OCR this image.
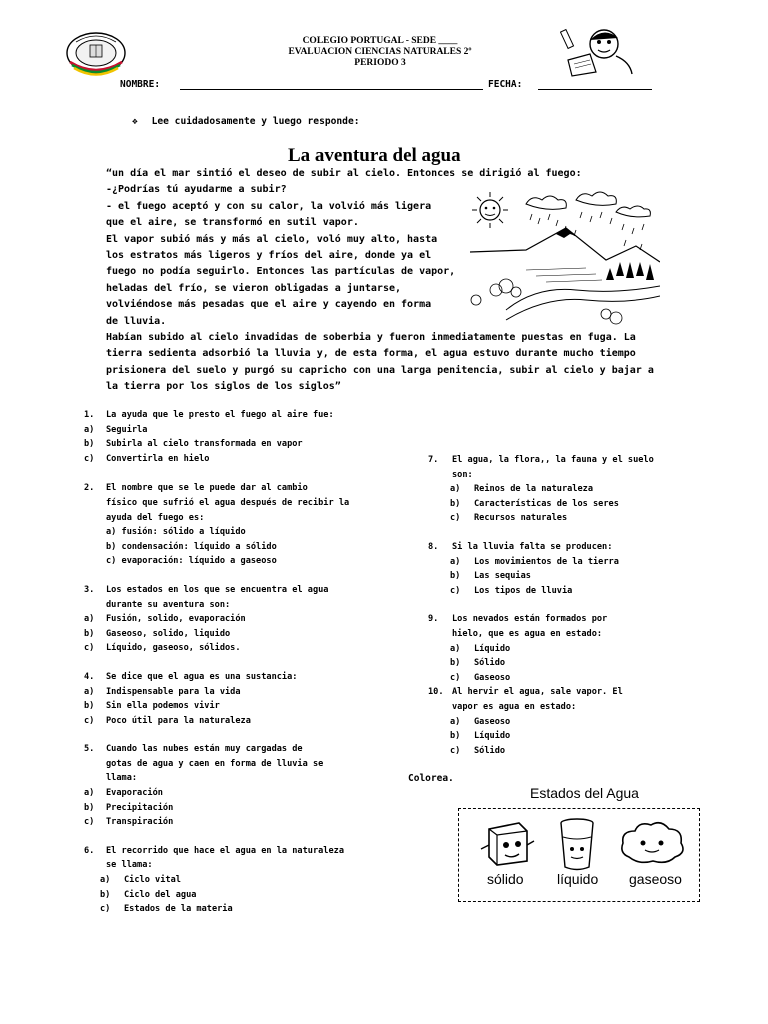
COLEGIO PORTUGAL - SEDE ____
EVALUACION CIENCIAS NATURALES 2º
PERIODO 3
NOMBRE:	FECHA:
❖ Lee cuidadosamente y luego responde:
La aventura del agua
“un día el mar sintió el deseo de subir al cielo. Entonces se dirigió al fuego:
-¿Podrías tú ayudarme a subir?
- el fuego aceptó y con su calor, la volvió más ligera
que el aire, se transformó en sutil vapor.
El vapor subió más y más al cielo, voló muy alto, hasta
los estratos más ligeros y fríos del aire, donde ya el
fuego no podía seguirlo. Entonces las partículas de vapor,
heladas del frío, se vieron obligadas a juntarse,
volviéndose más pesadas que el aire y cayendo en forma
de lluvia.
Habían subido al cielo invadidas de soberbia y fueron inmediatamente puestas en fuga. La
tierra sedienta adsorbió la lluvia y, de esta forma, el agua estuvo durante mucho tiempo
prisionera del suelo y purgó su capricho con una larga penitencia, subir al cielo y bajar a
la tierra por los siglos de los siglos”
1. La ayuda que le presto el fuego al aire fue:
a) Seguirla
b) Subirla al cielo transformada en vapor
c) Convertirla en hielo
2. El nombre que se le puede dar al cambio
físico que sufrió el agua después de recibir la
ayuda del fuego es:
a) fusión: sólido a líquido
b) condensación: líquido a sólido
c) evaporación: líquido a gaseoso
3. Los estados en los que se encuentra el agua
durante su aventura son:
a) Fusión, solido, evaporación
b) Gaseoso, solido, liquido
c) Líquido, gaseoso, sólidos.
4. Se dice que el agua es una sustancia:
a) Indispensable para la vida
b) Sin ella podemos vivir
c) Poco útil para la naturaleza
5. Cuando las nubes están muy cargadas de
gotas de agua y caen en forma de lluvia se
llama:
a) Evaporación
b) Precipitación
c) Transpiración
6. El recorrido que hace el agua en la naturaleza
se llama:
a) Ciclo vital
b) Ciclo del agua
c) Estados de la materia
7. El agua, la flora,, la fauna y el suelo
son:
a) Reinos de la naturaleza
b) Características de los seres
c) Recursos naturales
8. Si la lluvia falta se producen:
a) Los movimientos de la tierra
b) Las sequias
c) Los tipos de lluvia
9. Los nevados están formados por
hielo, que es agua en estado:
a) Líquido
b) Sólido
c) Gaseoso
10. Al hervir el agua, sale vapor. El
vapor es agua en estado:
a) Gaseoso
b) Líquido
c) Sólido
Colorea.
Estados del Agua
sólido líquido gaseoso
